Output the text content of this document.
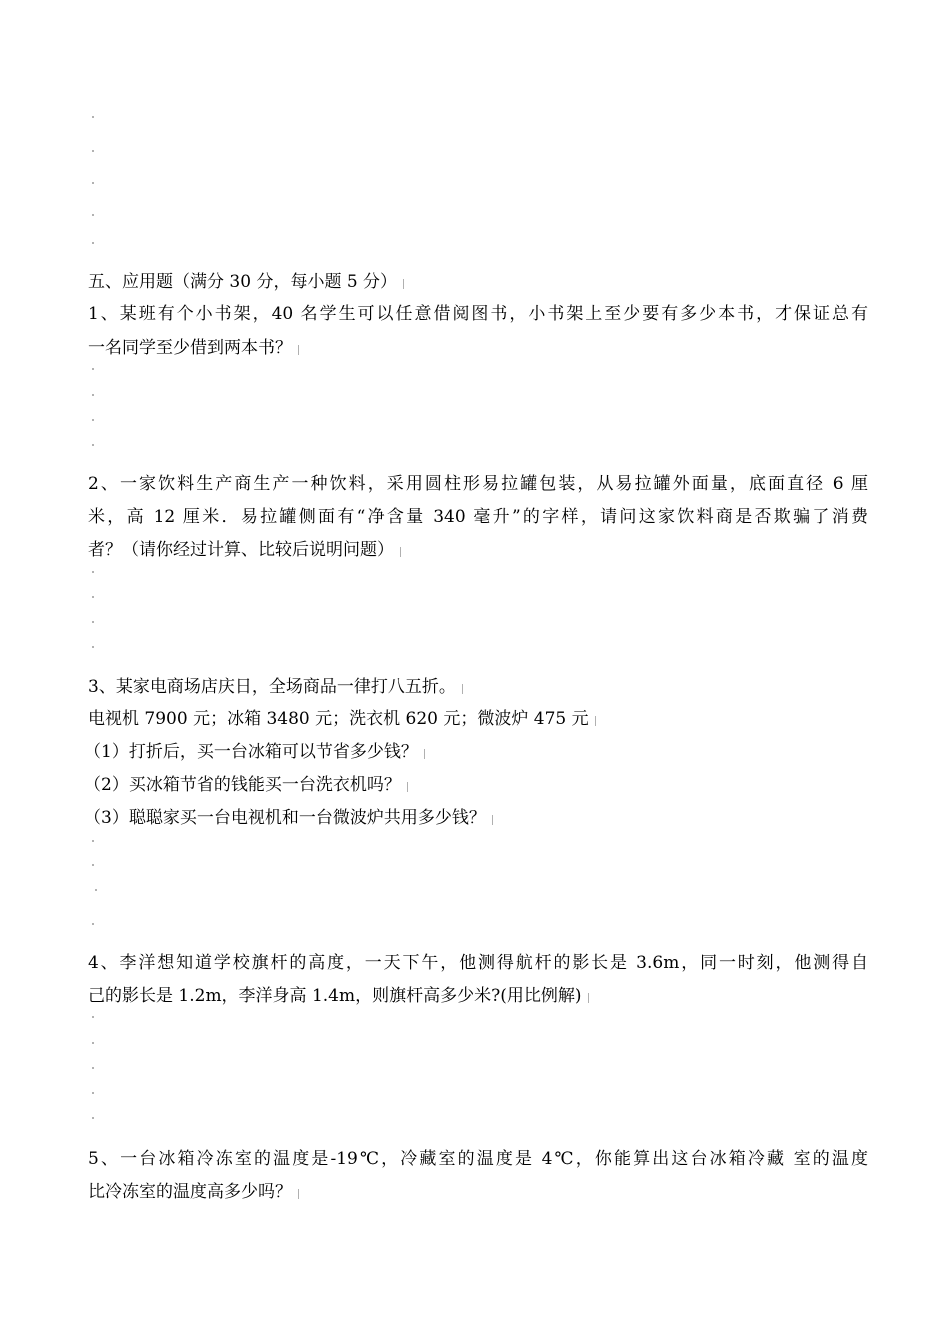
五、应用题（满分 30 分，每小题 5 分）
1、某班有个小书架，40 名学生可以任意借阅图书，小书架上至少要有多少本书，才保证总有
一名同学至少借到两本书？
2、一家饮料生产商生产一种饮料，采用圆柱形易拉罐包装，从易拉罐外面量，底面直径 6 厘
米，高 12 厘米．易拉罐侧面有“净含量 340 毫升”的字样，请问这家饮料商是否欺骗了消费
者？（请你经过计算、比较后说明问题）
3、某家电商场店庆日，全场商品一律打八五折。
电视机 7900 元；冰箱 3480 元；洗衣机 620 元；微波炉 475 元
（1）打折后，买一台冰箱可以节省多少钱？
（2）买冰箱节省的钱能买一台洗衣机吗？
（3）聪聪家买一台电视机和一台微波炉共用多少钱？
4、李洋想知道学校旗杆的高度，一天下午，他测得航杆的影长是 3.6m，同一时刻，他测得自
己的影长是 1.2m，李洋身高 1.4m，则旗杆高多少米?(用比例解)
5、一台冰箱冷冻室的温度是-19℃，冷藏室的温度是 4℃，你能算出这台冰箱冷藏 室的温度
比冷冻室的温度高多少吗？
